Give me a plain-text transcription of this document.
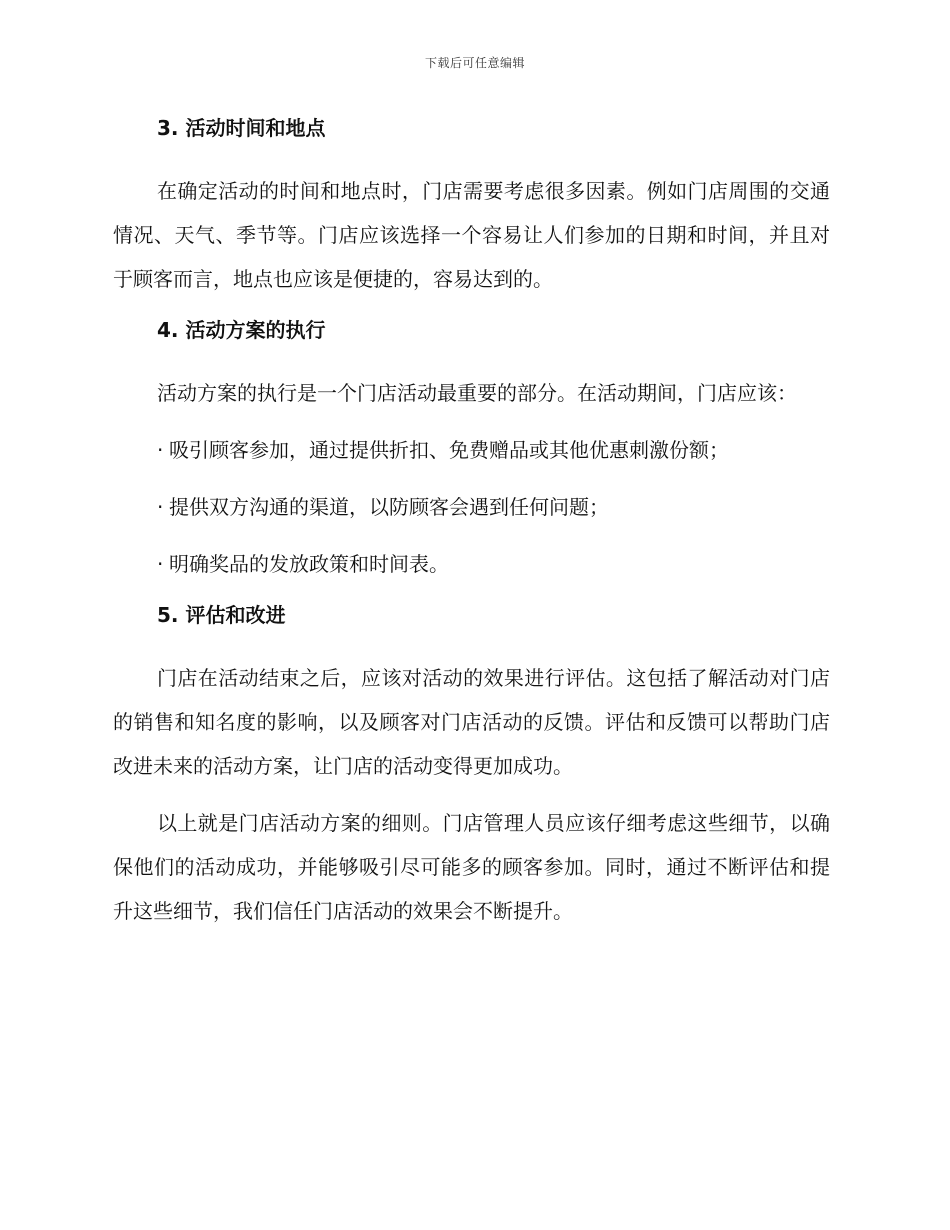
下载后可任意编辑
3. 活动时间和地点

在确定活动的时间和地点时，门店需要考虑很多因素。例如门店周围的交通情况、天气、季节等。门店应该选择一个容易让人们参加的日期和时间，并且对于顾客而言，地点也应该是便捷的，容易达到的。

4. 活动方案的执行

活动方案的执行是一个门店活动最重要的部分。在活动期间，门店应该：

· 吸引顾客参加，通过提供折扣、免费赠品或其他优惠刺激份额；
· 提供双方沟通的渠道，以防顾客会遇到任何问题；
· 明确奖品的发放政策和时间表。
5. 评估和改进

门店在活动结束之后，应该对活动的效果进行评估。这包括了解活动对门店的销售和知名度的影响，以及顾客对门店活动的反馈。评估和反馈可以帮助门店改进未来的活动方案，让门店的活动变得更加成功。

以上就是门店活动方案的细则。门店管理人员应该仔细考虑这些细节，以确保他们的活动成功，并能够吸引尽可能多的顾客参加。同时，通过不断评估和提升这些细节，我们信任门店活动的效果会不断提升。
